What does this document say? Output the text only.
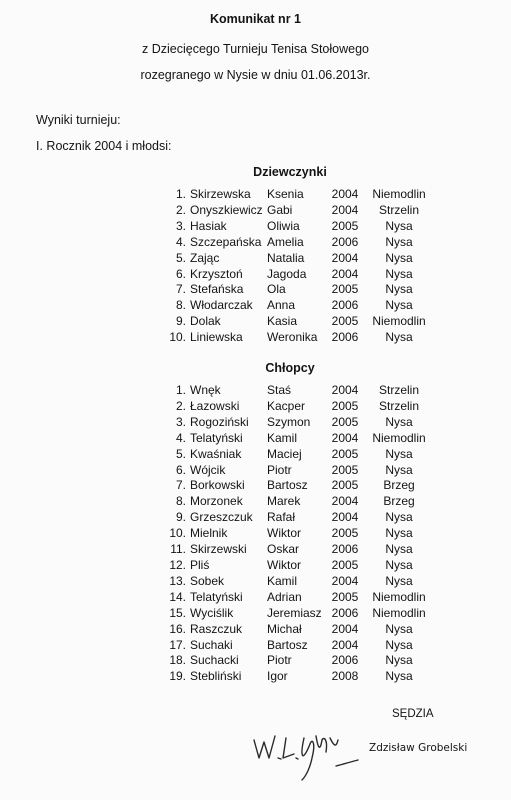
Komunikat nr 1
z Dziecięcego Turnieju Tenisa Stołowego
rozegranego w Nysie w dniu 01.06.2013r.
Wyniki turnieju:
I. Rocznik 2004 i młodsi:
Dziewczynki
1.	Skirzewska	Ksenia	2004	Niemodlin
2.	Onyszkiewicz	Gabi	2004	Strzelin
3.	Hasiak	Oliwia	2005	Nysa
4.	Szczepańska	Amelia	2006	Nysa
5.	Zając	Natalia	2004	Nysa
6.	Krzysztoń	Jagoda	2004	Nysa
7.	Stefańska	Ola	2005	Nysa
8.	Włodarczak	Anna	2006	Nysa
9.	Dolak	Kasia	2005	Niemodlin
10.	Liniewska	Weronika	2006	Nysa
Chłopcy
1.	Wnęk	Staś	2004	Strzelin
2.	Łazowski	Kacper	2005	Strzelin
3.	Rogoziński	Szymon	2005	Nysa
4.	Telatyński	Kamil	2004	Niemodlin
5.	Kwaśniak	Maciej	2005	Nysa
6.	Wójcik	Piotr	2005	Nysa
7.	Borkowski	Bartosz	2005	Brzeg
8.	Morzonek	Marek	2004	Brzeg
9.	Grzeszczuk	Rafał	2004	Nysa
10.	Mielnik	Wiktor	2005	Nysa
11.	Skirzewski	Oskar	2006	Nysa
12.	Pliś	Wiktor	2005	Nysa
13.	Sobek	Kamil	2004	Nysa
14.	Telatyński	Adrian	2005	Niemodlin
15.	Wyciślik	Jeremiasz	2006	Niemodlin
16.	Raszczuk	Michał	2004	Nysa
17.	Suchaki	Bartosz	2004	Nysa
18.	Suchacki	Piotr	2006	Nysa
19.	Stebliński	Igor	2008	Nysa
SĘDZIA
Zdzisław Grobelski
